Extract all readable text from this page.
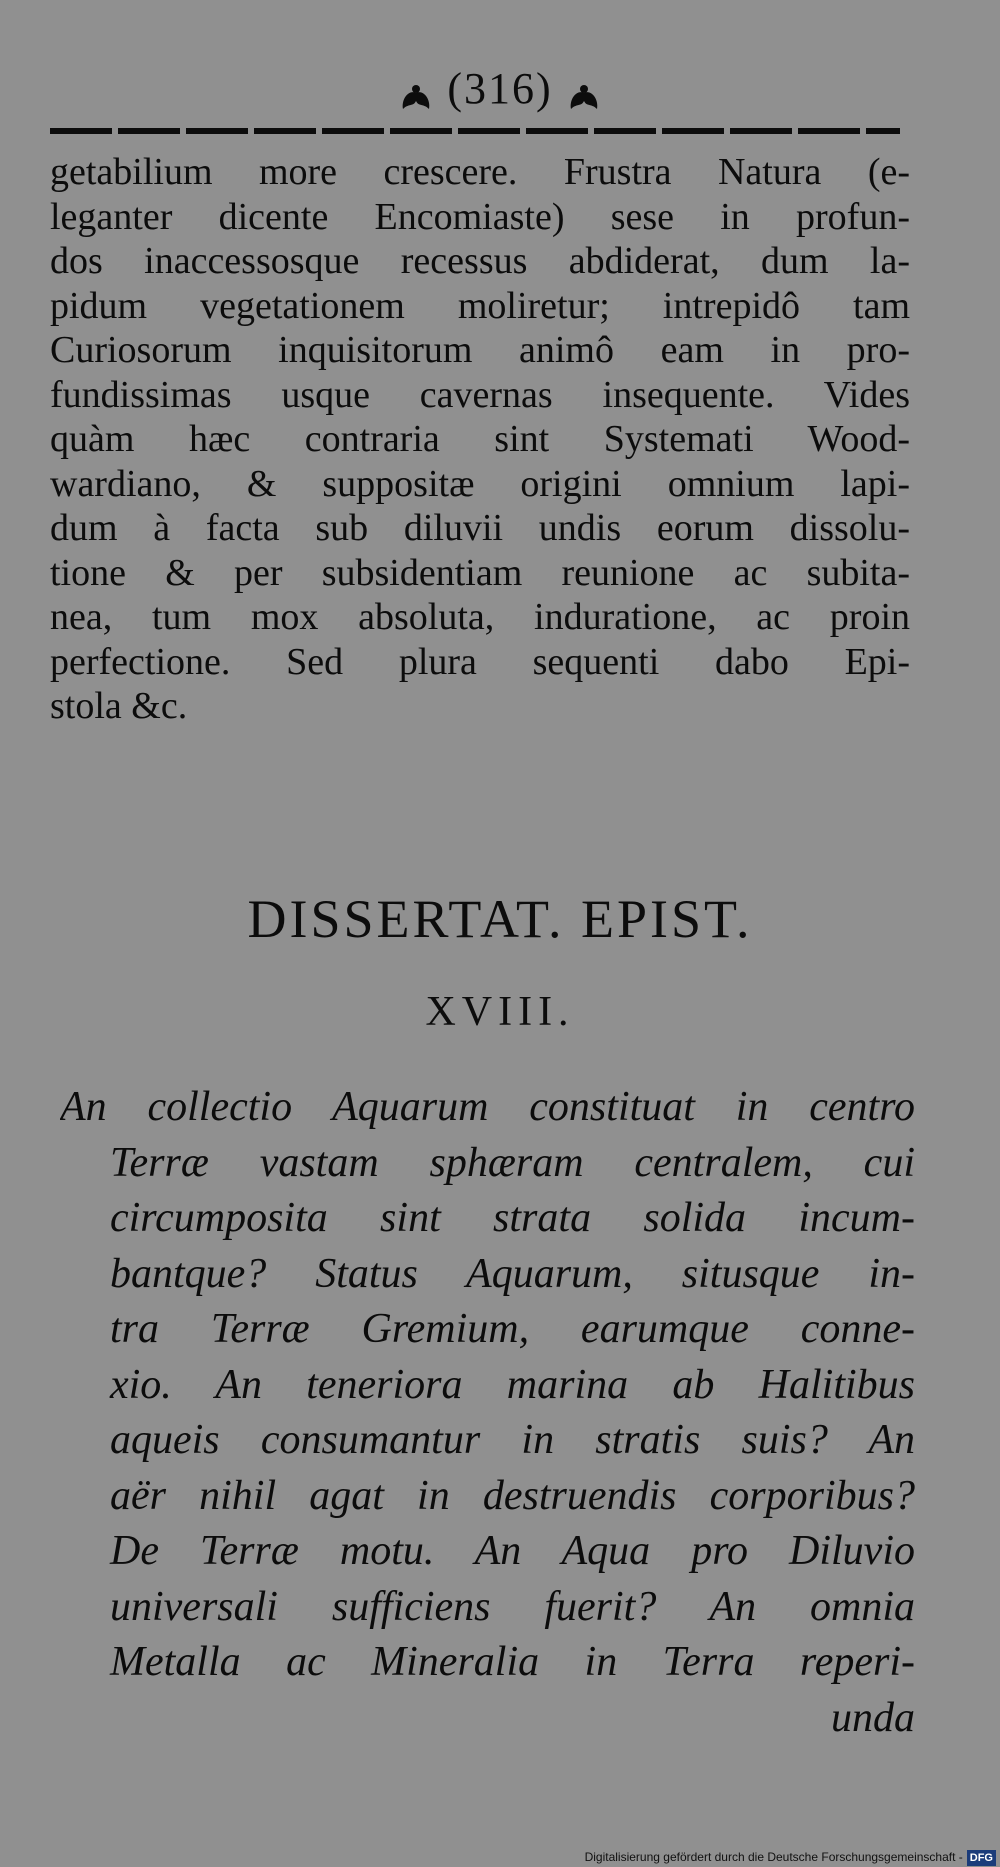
(316)
getabilium more crescere. Frustra Natura (e-
leganter dicente Encomiaste) sese in profun-
dos inaccessosque recessus abdiderat, dum la-
pidum vegetationem moliretur; intrepidô tam
Curiosorum inquisitorum animô eam in pro-
fundissimas usque cavernas insequente. Vides
quàm hæc contraria sint Systemati Wood-
wardiano, & suppositæ origini omnium lapi-
dum à facta sub diluvii undis eorum dissolu-
tione & per subsidentiam reunione ac subita-
nea, tum mox absoluta, induratione, ac proin
perfectione. Sed plura sequenti dabo Epi-
stola &c.
DISSERTAT. EPIST.
XVIII.
An collectio Aquarum constituat in centro
Terræ vastam sphæram centralem, cui
circumposita sint strata solida incum-
bantque? Status Aquarum, situsque in-
tra Terræ Gremium, earumque conne-
xio. An teneriora marina ab Halitibus
aqueis consumantur in stratis suis? An
aër nihil agat in destruendis corporibus?
De Terræ motu. An Aqua pro Diluvio
universali sufficiens fuerit? An omnia
Metalla ac Mineralia in Terra reperi-
unda
Digitalisierung gefördert durch die Deutsche Forschungsgemeinschaft - DFG
